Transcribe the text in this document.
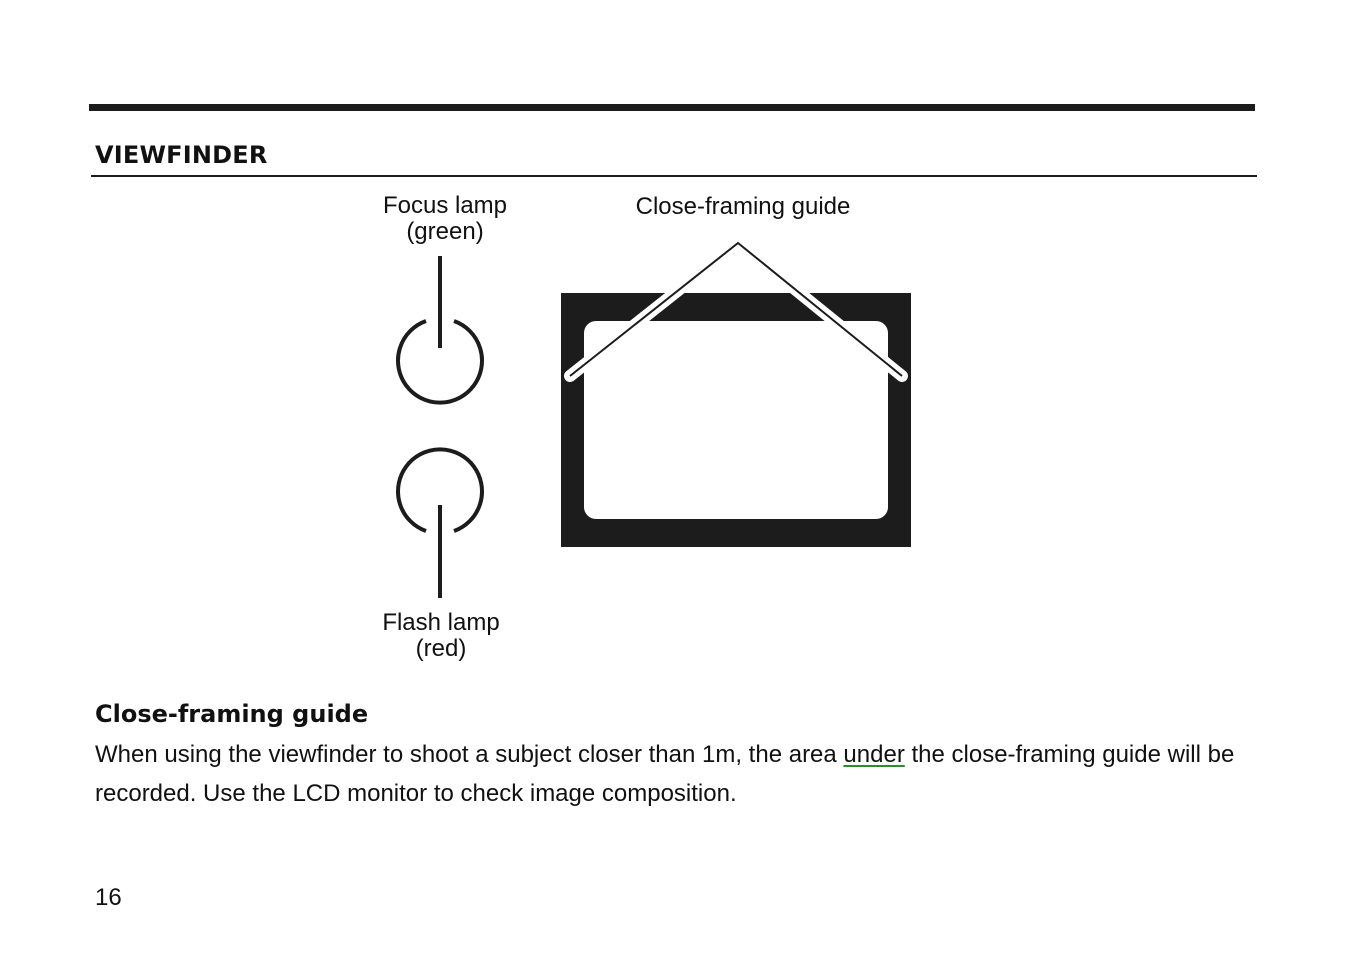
VIEWFINDER
Focus lamp
(green)
Close-framing guide
Flash lamp
(red)
Close-framing guide

When using the viewfinder to shoot a subject closer than 1m, the area under the close-framing guide will be recorded. Use the LCD monitor to check image composition.

16
